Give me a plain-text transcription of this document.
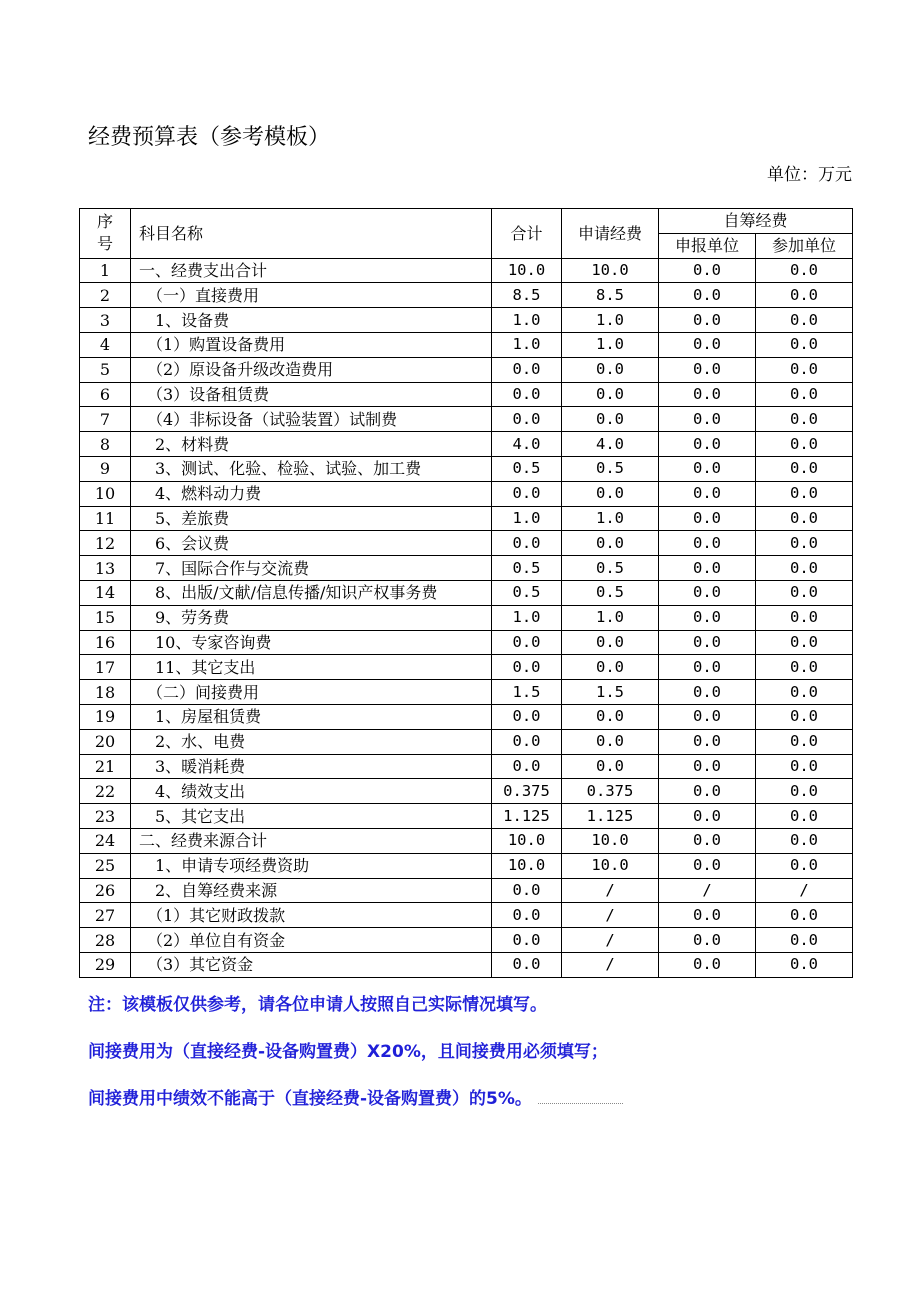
经费预算表（参考模板）
单位：万元
序号	科目名称	合计	申请经费	自筹经费	
				申报单位	参加单位
1	一、经费支出合计	10.0	10.0	0.0	0.0
2	　（一）直接费用	8.5	8.5	0.0	0.0
3	　1、设备费	1.0	1.0	0.0	0.0
4	　（1）购置设备费用	1.0	1.0	0.0	0.0
5	　（2）原设备升级改造费用	0.0	0.0	0.0	0.0
6	　（3）设备租赁费	0.0	0.0	0.0	0.0
7	　（4）非标设备（试验装置）试制费	0.0	0.0	0.0	0.0
8	　2、材料费	4.0	4.0	0.0	0.0
9	　3、测试、化验、检验、试验、加工费	0.5	0.5	0.0	0.0
10	　4、燃料动力费	0.0	0.0	0.0	0.0
11	　5、差旅费	1.0	1.0	0.0	0.0
12	　6、会议费	0.0	0.0	0.0	0.0
13	　7、国际合作与交流费	0.5	0.5	0.0	0.0
14	　8、出版/文献/信息传播/知识产权事务费	0.5	0.5	0.0	0.0
15	　9、劳务费	1.0	1.0	0.0	0.0
16	　10、专家咨询费	0.0	0.0	0.0	0.0
17	　11、其它支出	0.0	0.0	0.0	0.0
18	　（二）间接费用	1.5	1.5	0.0	0.0
19	　1、房屋租赁费	0.0	0.0	0.0	0.0
20	　2、水、电费	0.0	0.0	0.0	0.0
21	　3、暖消耗费	0.0	0.0	0.0	0.0
22	　4、绩效支出	0.375	0.375	0.0	0.0
23	　5、其它支出	1.125	1.125	0.0	0.0
24	二、经费来源合计	10.0	10.0	0.0	0.0
25	　1、申请专项经费资助	10.0	10.0	0.0	0.0
26	　2、自筹经费来源	0.0	/	/	/
27	　（1）其它财政拨款	0.0	/	0.0	0.0
28	　（2）单位自有资金	0.0	/	0.0	0.0
29	　（3）其它资金	0.0	/	0.0	0.0
注：该模板仅供参考，请各位申请人按照自己实际情况填写。
间接费用为（直接经费-设备购置费）X20%，且间接费用必须填写；
间接费用中绩效不能高于（直接经费-设备购置费）的5%。
